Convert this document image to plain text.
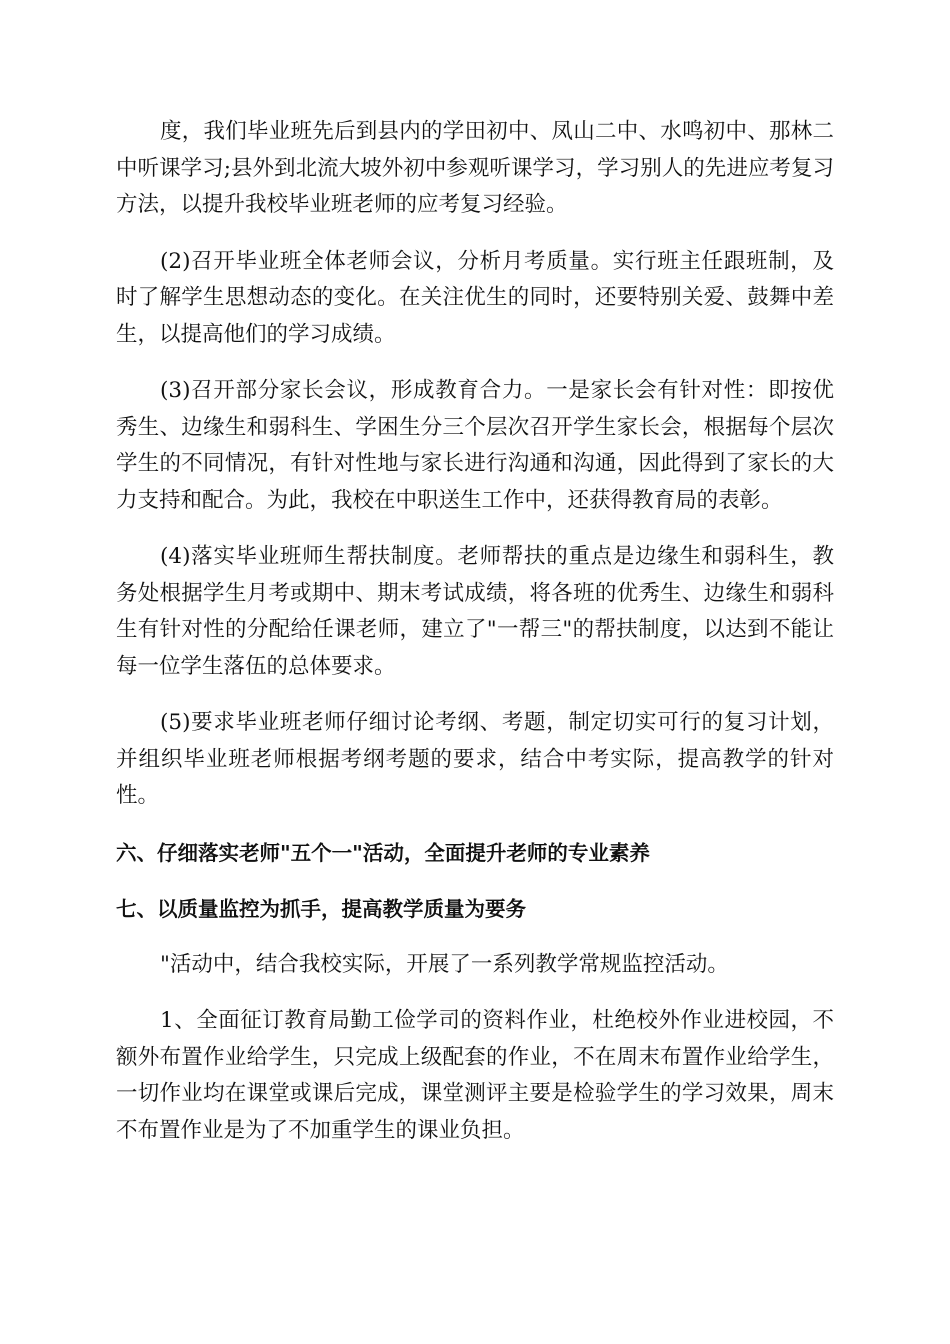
度，我们毕业班先后到县内的学田初中、凤山二中、水鸣初中、那林二中听课学习;县外到北流大坡外初中参观听课学习，学习别人的先进应考复习方法，以提升我校毕业班老师的应考复习经验。

(2)召开毕业班全体老师会议，分析月考质量。实行班主任跟班制，及时了解学生思想动态的变化。在关注优生的同时，还要特别关爱、鼓舞中差生，以提高他们的学习成绩。

(3)召开部分家长会议，形成教育合力。一是家长会有针对性：即按优秀生、边缘生和弱科生、学困生分三个层次召开学生家长会，根据每个层次学生的不同情况，有针对性地与家长进行沟通和沟通，因此得到了家长的大力支持和配合。为此，我校在中职送生工作中，还获得教育局的表彰。

(4)落实毕业班师生帮扶制度。老师帮扶的重点是边缘生和弱科生，教务处根据学生月考或期中、期末考试成绩，将各班的优秀生、边缘生和弱科生有针对性的分配给任课老师，建立了"一帮三"的帮扶制度，以达到不能让每一位学生落伍的总体要求。

(5)要求毕业班老师仔细讨论考纲、考题，制定切实可行的复习计划，并组织毕业班老师根据考纲考题的要求，结合中考实际，提高教学的针对性。

六、仔细落实老师"五个一"活动，全面提升老师的专业素养
七、以质量监控为抓手，提高教学质量为要务

"活动中，结合我校实际，开展了一系列教学常规监控活动。

1、全面征订教育局勤工俭学司的资料作业，杜绝校外作业进校园，不额外布置作业给学生，只完成上级配套的作业，不在周末布置作业给学生，一切作业均在课堂或课后完成，课堂测评主要是检验学生的学习效果，周末不布置作业是为了不加重学生的课业负担。
